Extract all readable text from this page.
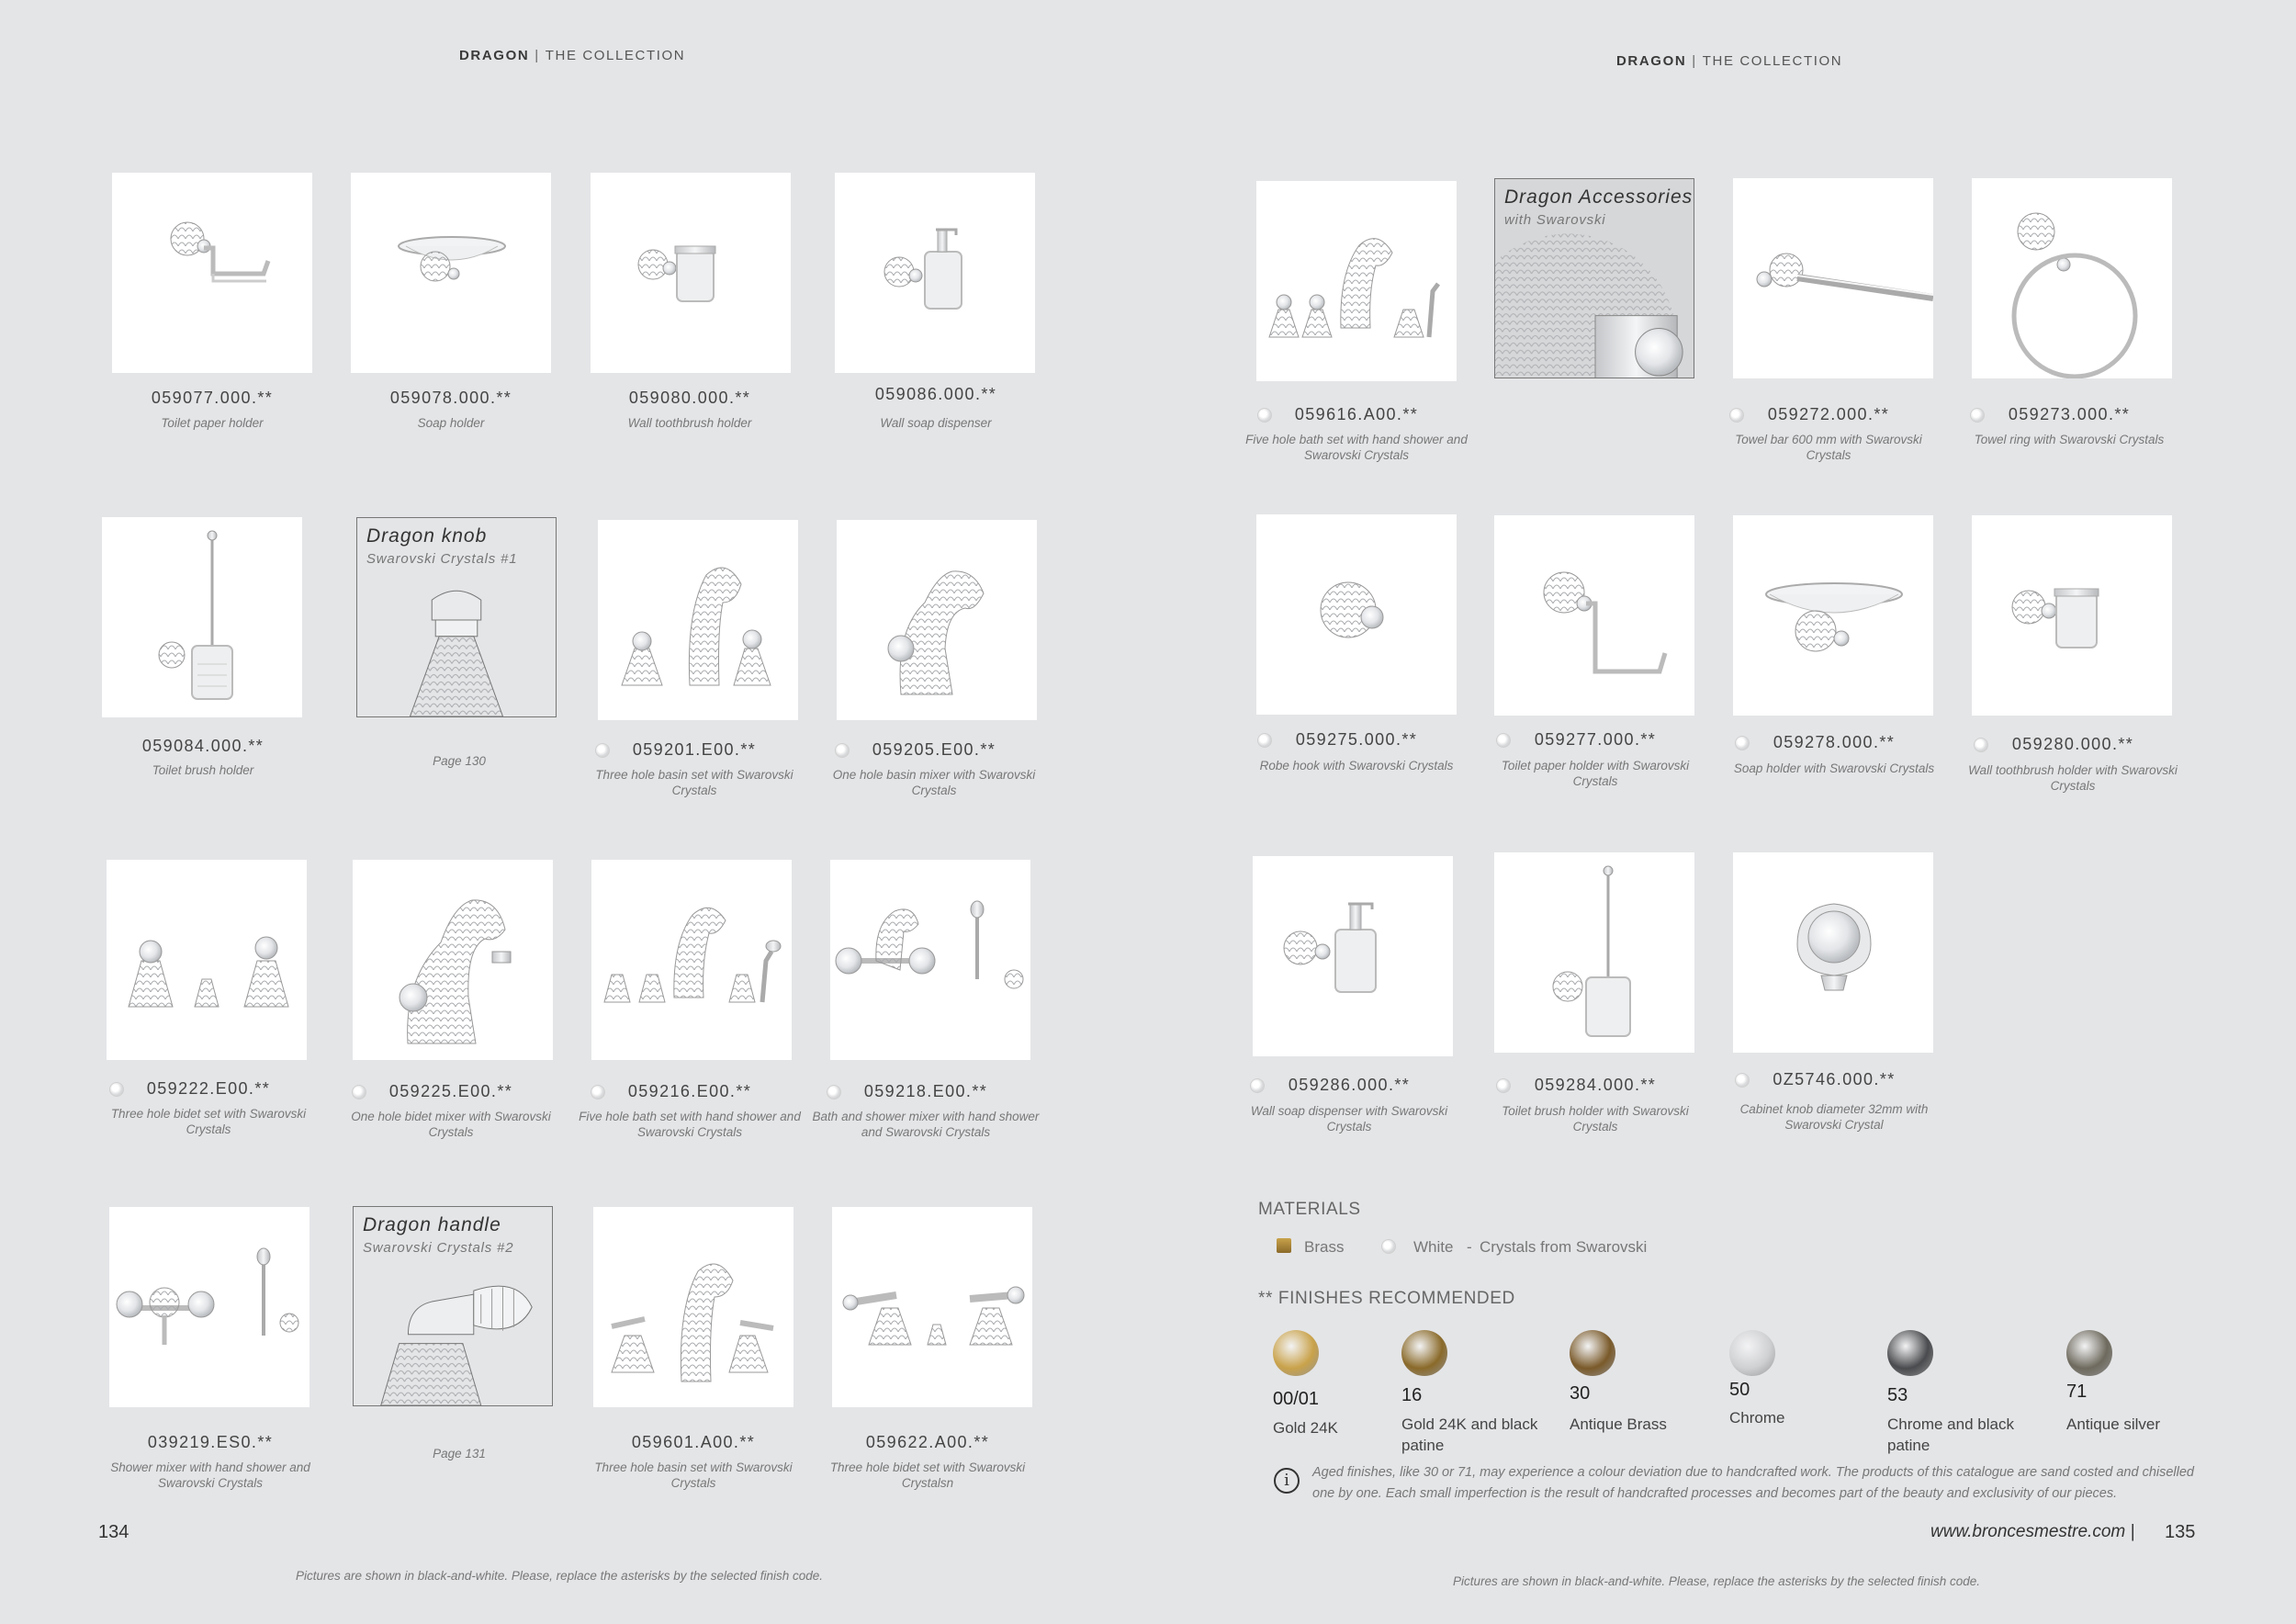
DRAGON | THE COLLECTION	DRAGON | THE COLLECTION
Dragon knob
Swarovski Crystals #1
Dragon handle
Swarovski Crystals #2
059077.000.**
Toilet paper holder
059078.000.**
Soap holder
059080.000.**
Wall toothbrush holder
059086.000.**
Wall soap dispenser
059084.000.**
Toilet brush holder
059201.E00.**
Three hole basin set with Swarovski Crystals
059205.E00.**
One hole basin mixer with Swarovski Crystals
059222.E00.**
Three hole bidet set with Swarovski Crystals
059225.E00.**
One hole bidet mixer with Swarovski Crystals
059216.E00.**
Five hole bath set with hand shower and Swarovski Crystals
059218.E00.**
Bath and shower mixer with hand shower and Swarovski Crystals
039219.ES0.**
Shower mixer with hand shower and Swarovski Crystals
059601.A00.**
Three hole basin set with Swarovski Crystals
059622.A00.**
Three hole bidet set with Swarovski Crystalsn
Page 130
Page 131
134
Pictures are shown in black-and-white. Please, replace the asterisks by the selected finish code.
Dragon Accessories
with Swarovski
059616.A00.**
Five hole bath set with hand shower and Swarovski Crystals
059272.000.**
Towel bar 600 mm with Swarovski Crystals
059273.000.**
Towel ring with Swarovski Crystals
059275.000.**
Robe hook with Swarovski Crystals
059277.000.**
Toilet paper holder with Swarovski Crystals
059278.000.**
Soap holder with Swarovski Crystals
059280.000.**
Wall toothbrush holder with Swarovski Crystals
059286.000.**
Wall soap dispenser with Swarovski Crystals
059284.000.**
Toilet brush holder with Swarovski Crystals
0Z5746.000.**
Cabinet knob diameter 32mm with Swarovski Crystal
MATERIALS
Brass	White - Crystals from Swarovski
** FINISHES RECOMMENDED
00/01
Gold 24K
16
Gold 24K and black patine
30
Antique Brass
50
Chrome
53
Chrome and black patine
71
Antique silver
i	Aged finishes, like 30 or 71, may experience a colour deviation due to handcrafted work. The products of this catalogue are sand costed and chiselled one by one. Each small imperfection is the result of handcrafted processes and becomes part of the beauty and exclusivity of our pieces.
www.broncesmestre.com | 135
Pictures are shown in black-and-white. Please, replace the asterisks by the selected finish code.
